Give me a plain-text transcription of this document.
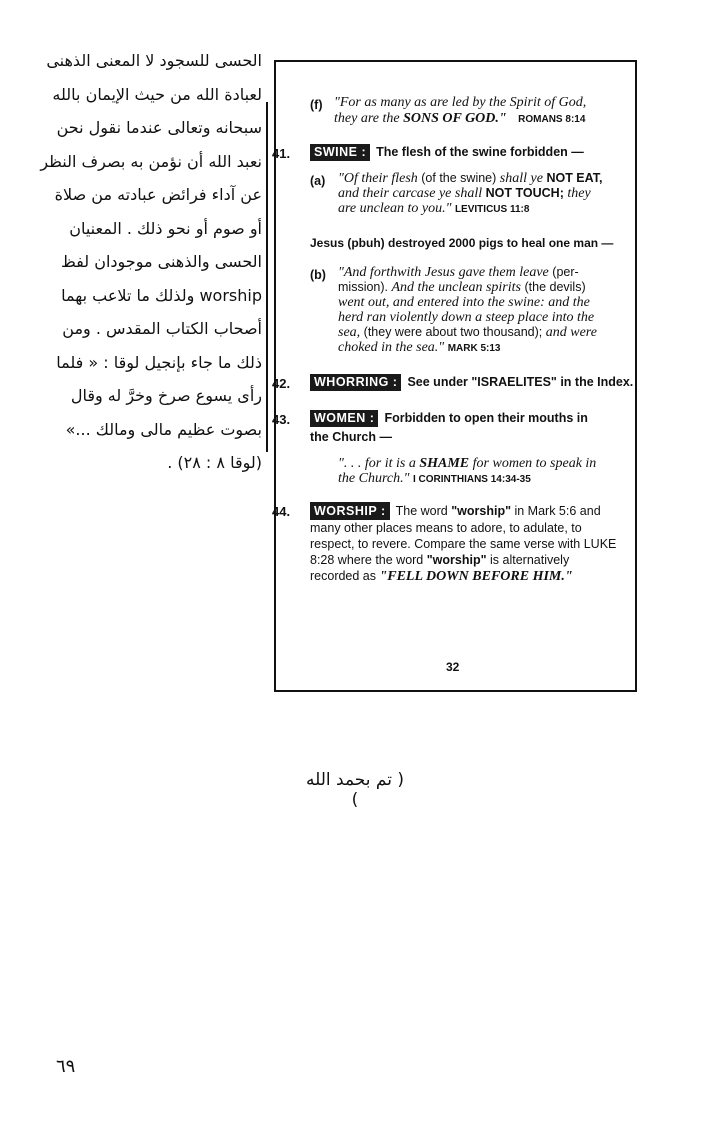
الحسى للسجود لا المعنى الذهنى
لعبادة الله من حيث الإيمان بالله
سبحانه وتعالى عندما نقول نحن
نعبد الله أن نؤمن به بصرف النظر
عن آداء فرائض عبادته من صلاة
أو صوم أو نحو ذلك . المعنيان
الحسى والذهنى موجودان لفظ
worship ولذلك ما تلاعب بهما
أصحاب الكتاب المقدس . ومن
ذلك ما جاء بإنجيل لوقا : « فلما
رأى يسوع صرخ وخرَّ له وقال
بصوت عظيم مالى ومالك ...»
(لوقا ٨ : ٢٨) .
(f) "For as many as are led by the Spirit of God,
they are the SONS OF GOD." ROMANS 8:14
41.	SWINE : The flesh of the swine forbidden —
(a) "Of their flesh (of the swine) shall ye NOT EAT,
and their carcase ye shall NOT TOUCH; they
are unclean to you." LEVITICUS 11:8
Jesus (pbuh) destroyed 2000 pigs to heal one man —
(b) "And forthwith Jesus gave them leave (per-
mission). And the unclean spirits (the devils)
went out, and entered into the swine: and the
herd ran violently down a steep place into the
sea, (they were about two thousand); and were
choked in the sea." MARK 5:13
42.	WHORRING : See under "ISRAELITES" in the Index.
43.	WOMEN : Forbidden to open their mouths in
the Church —
". . . for it is a SHAME for women to speak in
the Church." I CORINTHIANS 14:34-35
44.	WORSHIP : The word "worship" in Mark 5:6 and
many other places means to adore, to adulate, to
respect, to revere. Compare the same verse with LUKE
8:28 where the word "worship" is alternatively
recorded as "FELL DOWN BEFORE HIM."
32
( تم بحمد الله )
٦٩
